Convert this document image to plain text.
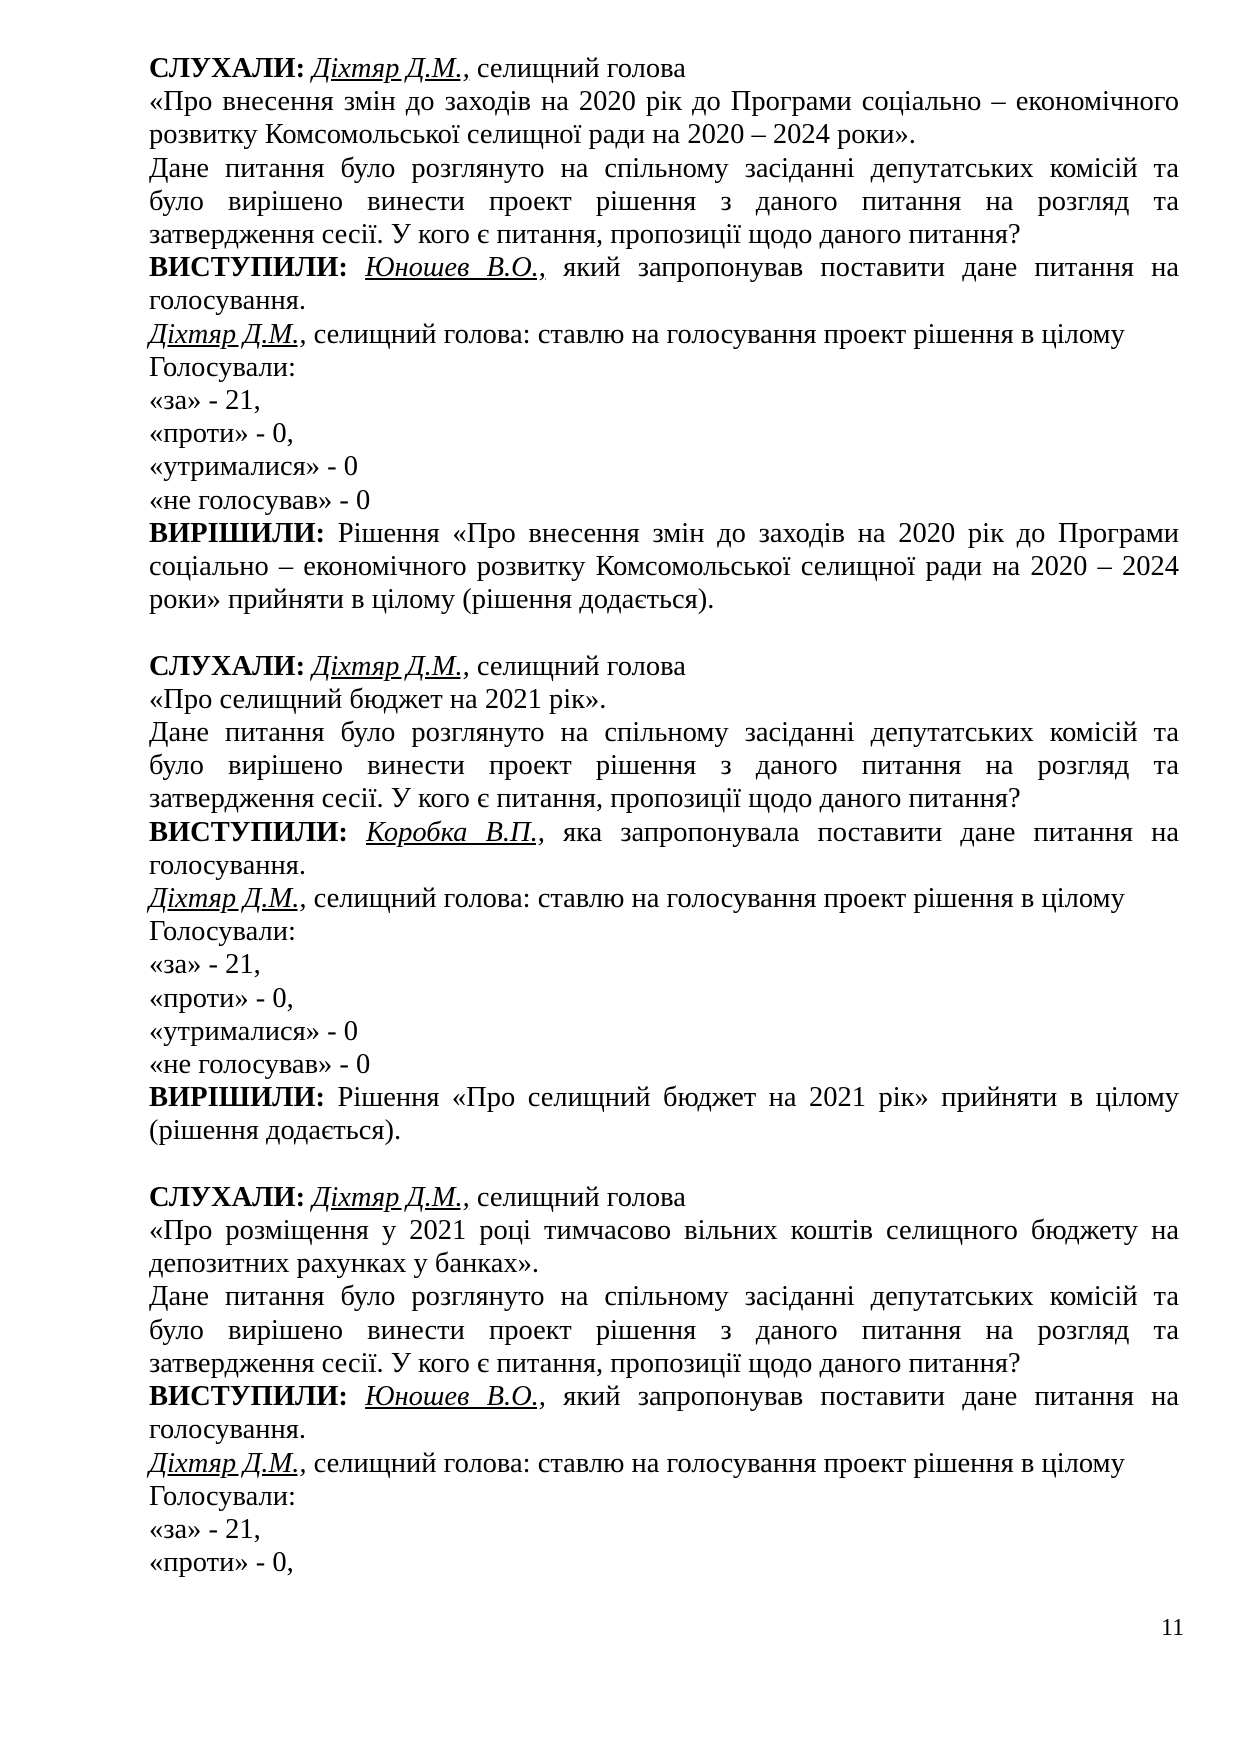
СЛУХАЛИ: Діхтяр Д.М., селищний голова
«Про внесення змін до заходів на 2020 рік до Програми соціально – економічного
розвитку Комсомольської селищної ради на 2020 – 2024 роки».
Дане питання було розглянуто на спільному засіданні депутатських комісій та
було вирішено винести проект рішення з даного питання на розгляд та
затвердження сесії. У кого є питання, пропозиції щодо даного питання?
ВИСТУПИЛИ: Юношев В.О., який запропонував поставити дане питання на
голосування.
Діхтяр Д.М., селищний голова: ставлю на голосування проект рішення в цілому
Голосували:
«за» - 21,
«проти» - 0,
«утрималися» - 0
«не голосував» - 0
ВИРІШИЛИ: Рішення «Про внесення змін до заходів на 2020 рік до Програми
соціально – економічного розвитку Комсомольської селищної ради на 2020 – 2024
роки» прийняти в цілому (рішення додається).
СЛУХАЛИ: Діхтяр Д.М., селищний голова
«Про селищний бюджет на 2021 рік».
Дане питання було розглянуто на спільному засіданні депутатських комісій та
було вирішено винести проект рішення з даного питання на розгляд та
затвердження сесії. У кого є питання, пропозиції щодо даного питання?
ВИСТУПИЛИ: Коробка В.П., яка запропонувала поставити дане питання на
голосування.
Діхтяр Д.М., селищний голова: ставлю на голосування проект рішення в цілому
Голосували:
«за» - 21,
«проти» - 0,
«утрималися» - 0
«не голосував» - 0
ВИРІШИЛИ: Рішення «Про селищний бюджет на 2021 рік» прийняти в цілому
(рішення додається).
СЛУХАЛИ: Діхтяр Д.М., селищний голова
«Про розміщення у 2021 році тимчасово вільних коштів селищного бюджету на
депозитних рахунках у банках».
Дане питання було розглянуто на спільному засіданні депутатських комісій та
було вирішено винести проект рішення з даного питання на розгляд та
затвердження сесії. У кого є питання, пропозиції щодо даного питання?
ВИСТУПИЛИ: Юношев В.О., який запропонував поставити дане питання на
голосування.
Діхтяр Д.М., селищний голова: ставлю на голосування проект рішення в цілому
Голосували:
«за» - 21,
«проти» - 0,
11
